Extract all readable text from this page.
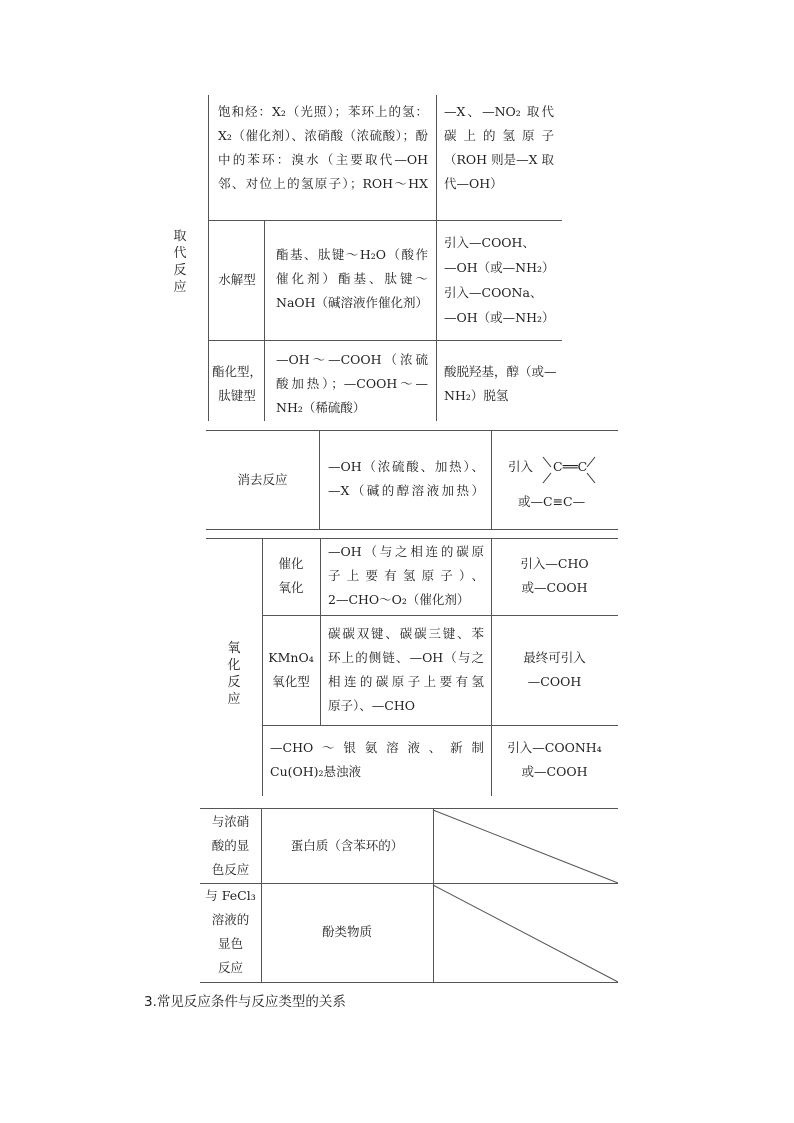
取
代
反
应
饱和烃：X₂（光照）；苯环上的氢：
X₂（催化剂）、浓硝酸（浓硫酸）；酚
中的苯环：溴水（主要取代—OH
邻、对位上的氢原子）；ROH～HX
—X、—NO₂ 取代
碳上的氢原子
（ROH 则是—X 取
代—OH）
水解型
酯基、肽键～H₂O（酸作
催化剂）酯基、肽键～
NaOH（碱溶液作催化剂）
引入—COOH、
—OH（或—NH₂）
引入—COONa、
—OH（或—NH₂）
酯化型，
肽键型
—OH～—COOH（浓硫
酸加热）；—COOH～—
NH₂（稀硫酸）
酸脱羟基，醇（或—
NH₂）脱氢
消去反应
—OH（浓硫酸、加热）、
—X（碱的醇溶液加热）
引入 C══C
或—C≡C—
氧
化
反
应
催化
氧化
—OH（与之相连的碳原
子上要有氢原子）、
2—CHO～O₂（催化剂）
引入—CHO
或—COOH
KMnO₄
氧化型
碳碳双键、碳碳三键、苯
环上的侧链、—OH（与之
相连的碳原子上要有氢
原子）、—CHO
最终可引入
—COOH
—CHO～银氨溶液、新制
Cu(OH)₂悬浊液
引入—COONH₄
或—COOH
与浓硝
酸的显
色反应
蛋白质（含苯环的）
与 FeCl₃
溶液的
显色
反应
酚类物质
3.常见反应条件与反应类型的关系
